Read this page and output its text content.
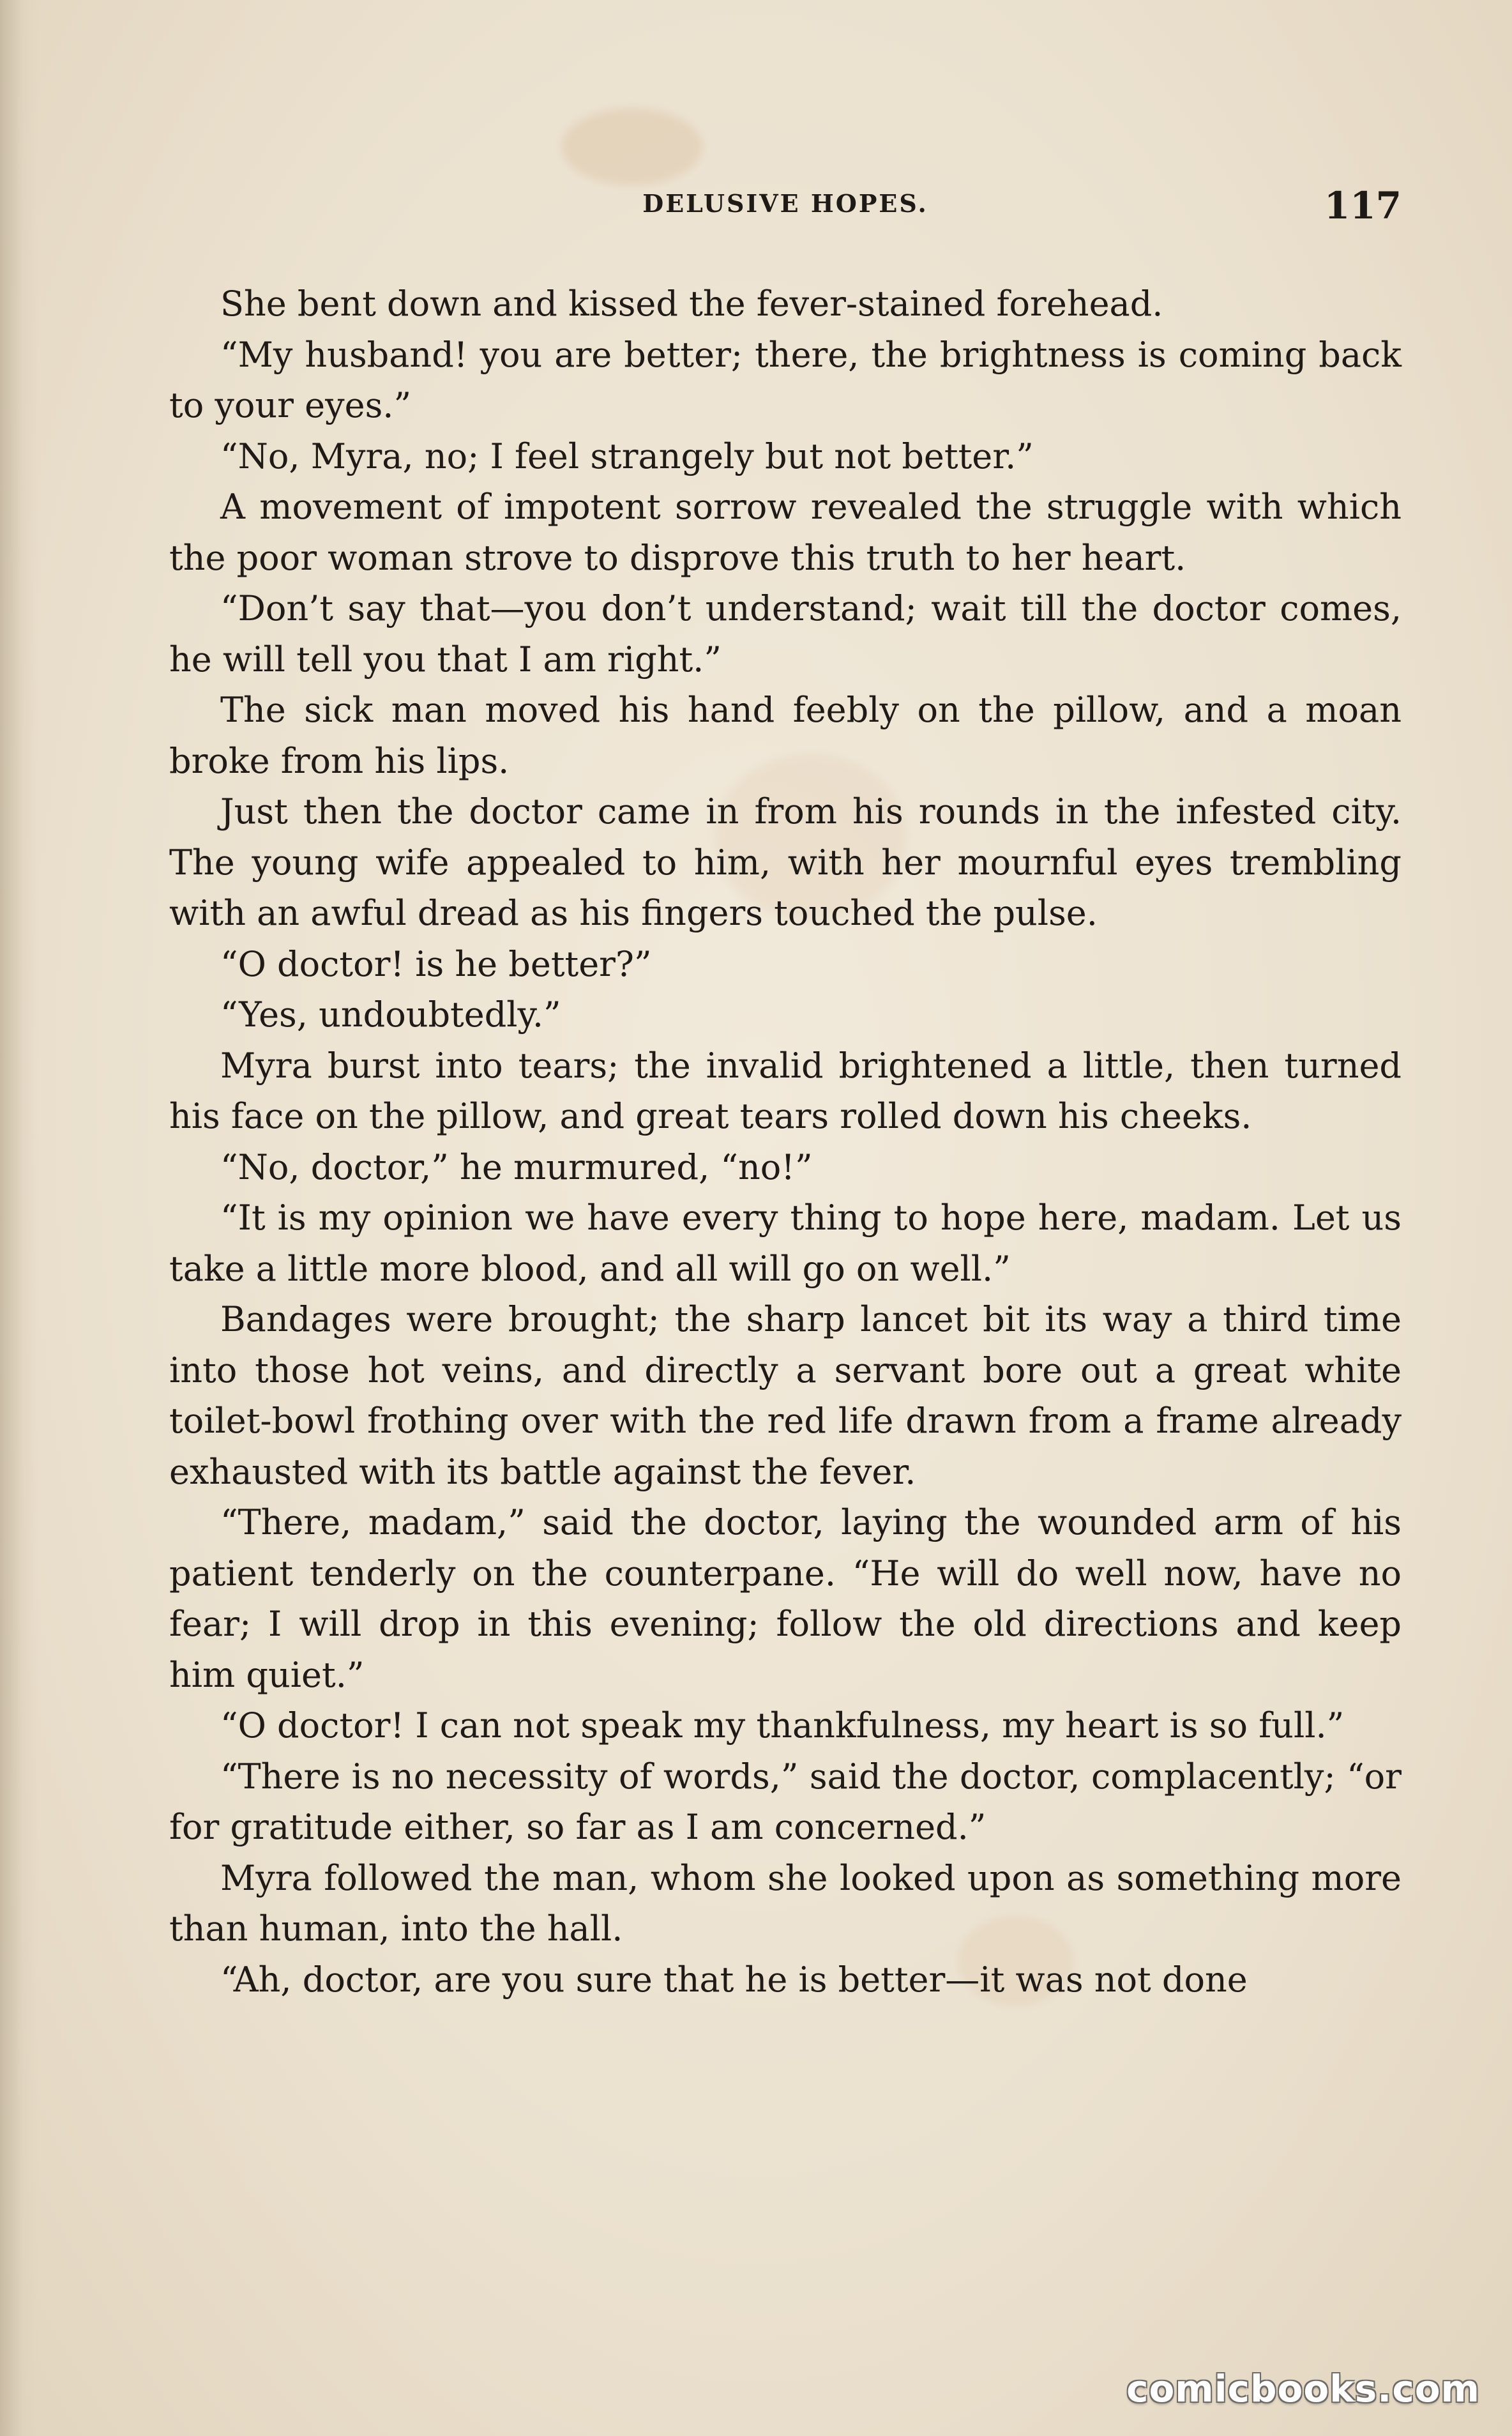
DELUSIVE HOPES.	117

She bent down and kissed the fever-stained forehead.

“My husband! you are better; there, the brightness is coming back to your eyes.”

“No, Myra, no; I feel strangely but not better.”

A movement of impotent sorrow revealed the struggle with which the poor woman strove to disprove this truth to her heart.

“Don’t say that—you don’t understand; wait till the doctor comes, he will tell you that I am right.”

The sick man moved his hand feebly on the pillow, and a moan broke from his lips.

Just then the doctor came in from his rounds in the infested city. The young wife appealed to him, with her mournful eyes trembling with an awful dread as his fingers touched the pulse.

“O doctor! is he better?”

“Yes, undoubtedly.”

Myra burst into tears; the invalid brightened a little, then turned his face on the pillow, and great tears rolled down his cheeks.

“No, doctor,” he murmured, “no!”

“It is my opinion we have every thing to hope here, madam. Let us take a little more blood, and all will go on well.”

Bandages were brought; the sharp lancet bit its way a third time into those hot veins, and directly a servant bore out a great white toilet-bowl frothing over with the red life drawn from a frame already exhausted with its battle against the fever.

“There, madam,” said the doctor, laying the wounded arm of his patient tenderly on the counterpane. “He will do well now, have no fear; I will drop in this evening; follow the old directions and keep him quiet.”

“O doctor! I can not speak my thankfulness, my heart is so full.”

“There is no necessity of words,” said the doctor, complacently; “or for gratitude either, so far as I am concerned.”

Myra followed the man, whom she looked upon as something more than human, into the hall.

“Ah, doctor, are you sure that he is better—it was not done

comicbooks.com
